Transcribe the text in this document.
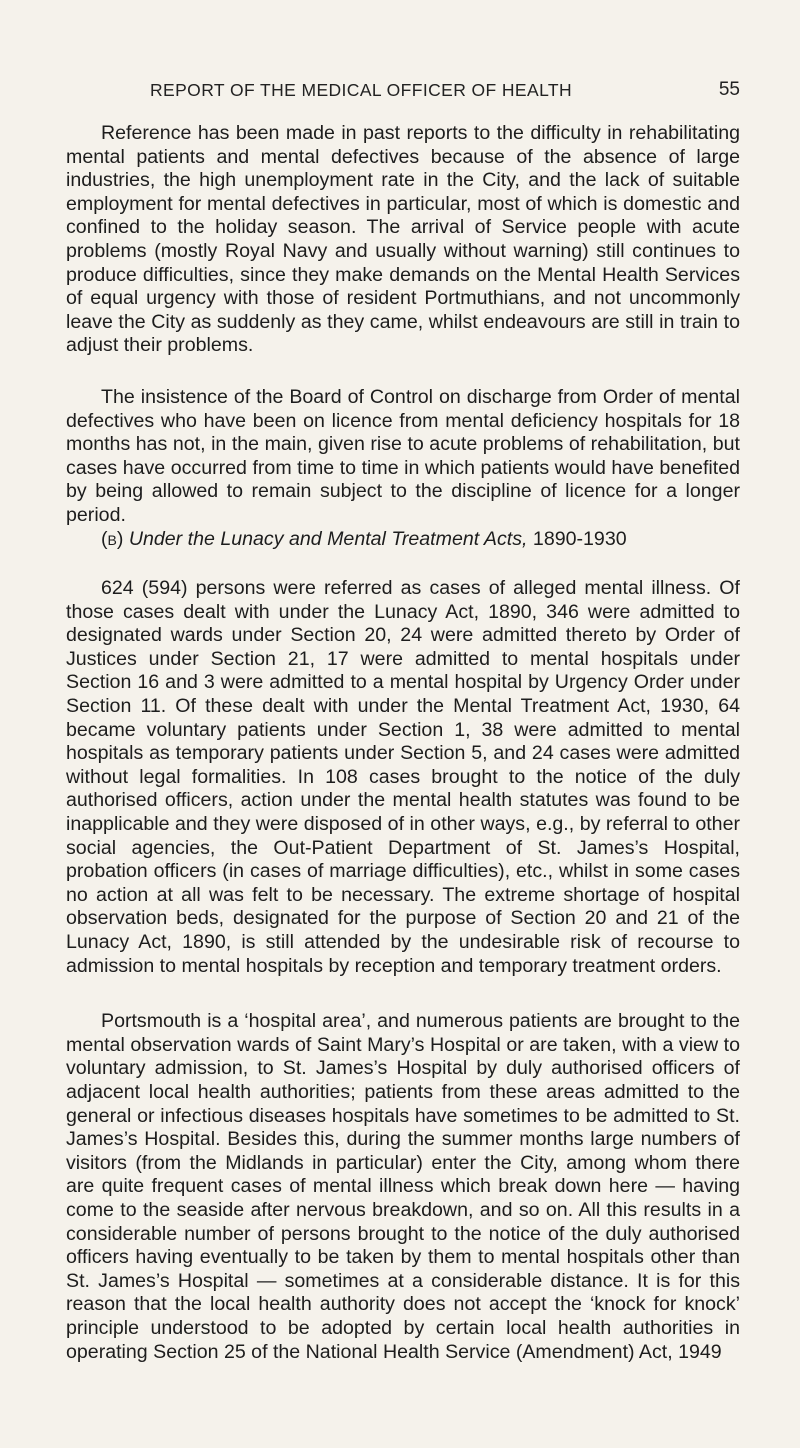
REPORT OF THE MEDICAL OFFICER OF HEALTH	55

Reference has been made in past reports to the difficulty in rehabilitating mental patients and mental defectives because of the absence of large industries, the high unemployment rate in the City, and the lack of suitable employment for mental defectives in particular, most of which is domestic and confined to the holiday season. The arrival of Service people with acute problems (mostly Royal Navy and usually without warning) still continues to produce difficulties, since they make demands on the Mental Health Services of equal urgency with those of resident Portmuthians, and not uncommonly leave the City as suddenly as they came, whilst endeavours are still in train to adjust their problems.

The insistence of the Board of Control on discharge from Order of mental defectives who have been on licence from mental deficiency hospitals for 18 months has not, in the main, given rise to acute problems of rehabilitation, but cases have occurred from time to time in which patients would have benefited by being allowed to remain subject to the discipline of licence for a longer period.

(b) Under the Lunacy and Mental Treatment Acts, 1890-1930

624 (594) persons were referred as cases of alleged mental illness. Of those cases dealt with under the Lunacy Act, 1890, 346 were admitted to designated wards under Section 20, 24 were admitted thereto by Order of Justices under Section 21, 17 were admitted to mental hospitals under Section 16 and 3 were admitted to a mental hospital by Urgency Order under Section 11. Of these dealt with under the Mental Treatment Act, 1930, 64 became voluntary patients under Section 1, 38 were admitted to mental hospitals as temporary patients under Section 5, and 24 cases were admitted without legal formalities. In 108 cases brought to the notice of the duly authorised officers, action under the mental health statutes was found to be inapplicable and they were disposed of in other ways, e.g., by referral to other social agencies, the Out-Patient Department of St. James’s Hospital, probation officers (in cases of marriage difficulties), etc., whilst in some cases no action at all was felt to be necessary. The extreme shortage of hospital observation beds, designated for the purpose of Section 20 and 21 of the Lunacy Act, 1890, is still attended by the undesirable risk of recourse to admission to mental hospitals by reception and temporary treatment orders.

Portsmouth is a ‘hospital area’, and numerous patients are brought to the mental observation wards of Saint Mary’s Hospital or are taken, with a view to voluntary admission, to St. James’s Hospital by duly authorised officers of adjacent local health authorities; patients from these areas admitted to the general or infectious diseases hospitals have sometimes to be admitted to St. James’s Hospital. Besides this, during the summer months large numbers of visitors (from the Midlands in particular) enter the City, among whom there are quite frequent cases of mental illness which break down here — having come to the seaside after nervous breakdown, and so on. All this results in a considerable number of persons brought to the notice of the duly authorised officers having eventually to be taken by them to mental hospitals other than St. James’s Hospital — sometimes at a considerable distance. It is for this reason that the local health authority does not accept the ‘knock for knock’ principle understood to be adopted by certain local health authorities in operating Section 25 of the National Health Service (Amendment) Act, 1949
